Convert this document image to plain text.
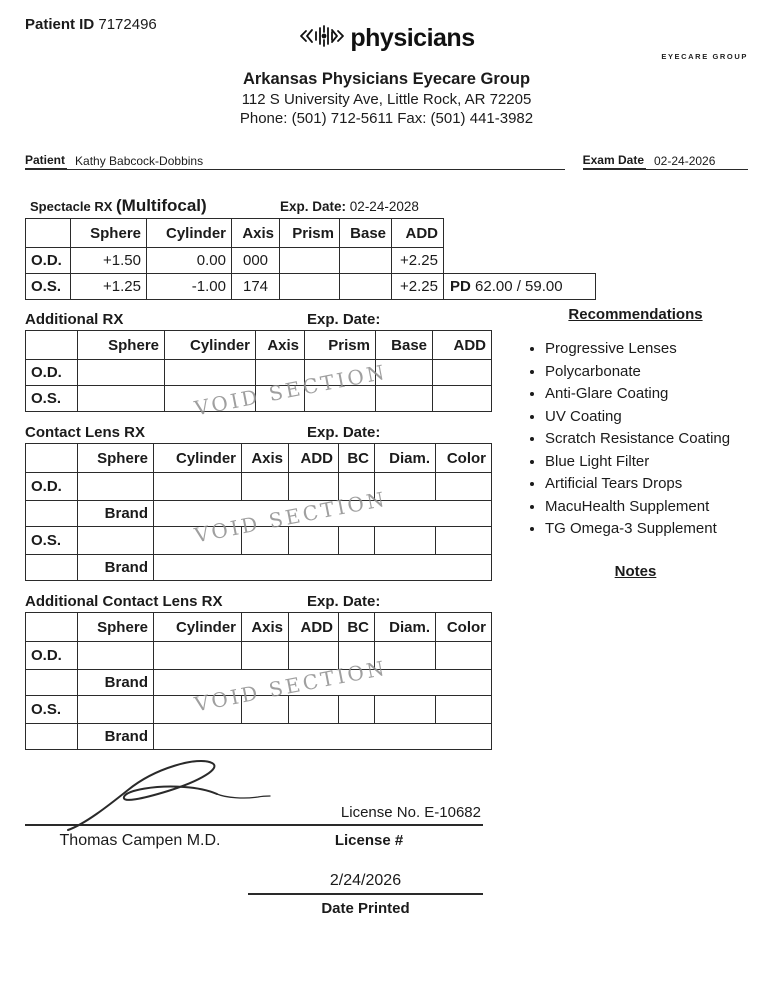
Patient ID 7172496	physicians
EYECARE GROUP
Arkansas Physicians Eyecare Group
112 S University Ave, Little Rock, AR 72205
Phone: (501) 712-5611 Fax: (501) 441-3982
Patient Kathy Babcock-Dobbins	Exam Date 02-24-2026
Spectacle RX (Multifocal)	Exp. Date: 02-24-2028
	Sphere	Cylinder	Axis	Prism	Base	ADD	
O.D.	+1.50	0.00	000			+2.25	
O.S.	+1.25	-1.00	174			+2.25	PD 62.00 / 59.00
Additional RX	Exp. Date:
	Sphere	Cylinder	Axis	Prism	Base	ADD
O.D.						
O.S.							VOID SECTION
Contact Lens RX	Exp. Date:
	Sphere	Cylinder	Axis	ADD	BC	Diam.	Color
O.D.							
	Brand						
O.S.							
	Brand						
VOID SECTION
Additional Contact Lens RX	Exp. Date:
	Sphere	Cylinder	Axis	ADD	BC	Diam.	Color
O.D.							
	Brand						
O.S.							
	Brand						
VOID SECTION
Recommendations
• Progressive Lenses
• Polycarbonate
• Anti-Glare Coating
• UV Coating
• Scratch Resistance Coating
• Blue Light Filter
• Artificial Tears Drops
• MacuHealth Supplement
• TG Omega-3 Supplement
Notes
License No. E-10682
Thomas Campen M.D.	License #
2/24/2026
Date Printed
